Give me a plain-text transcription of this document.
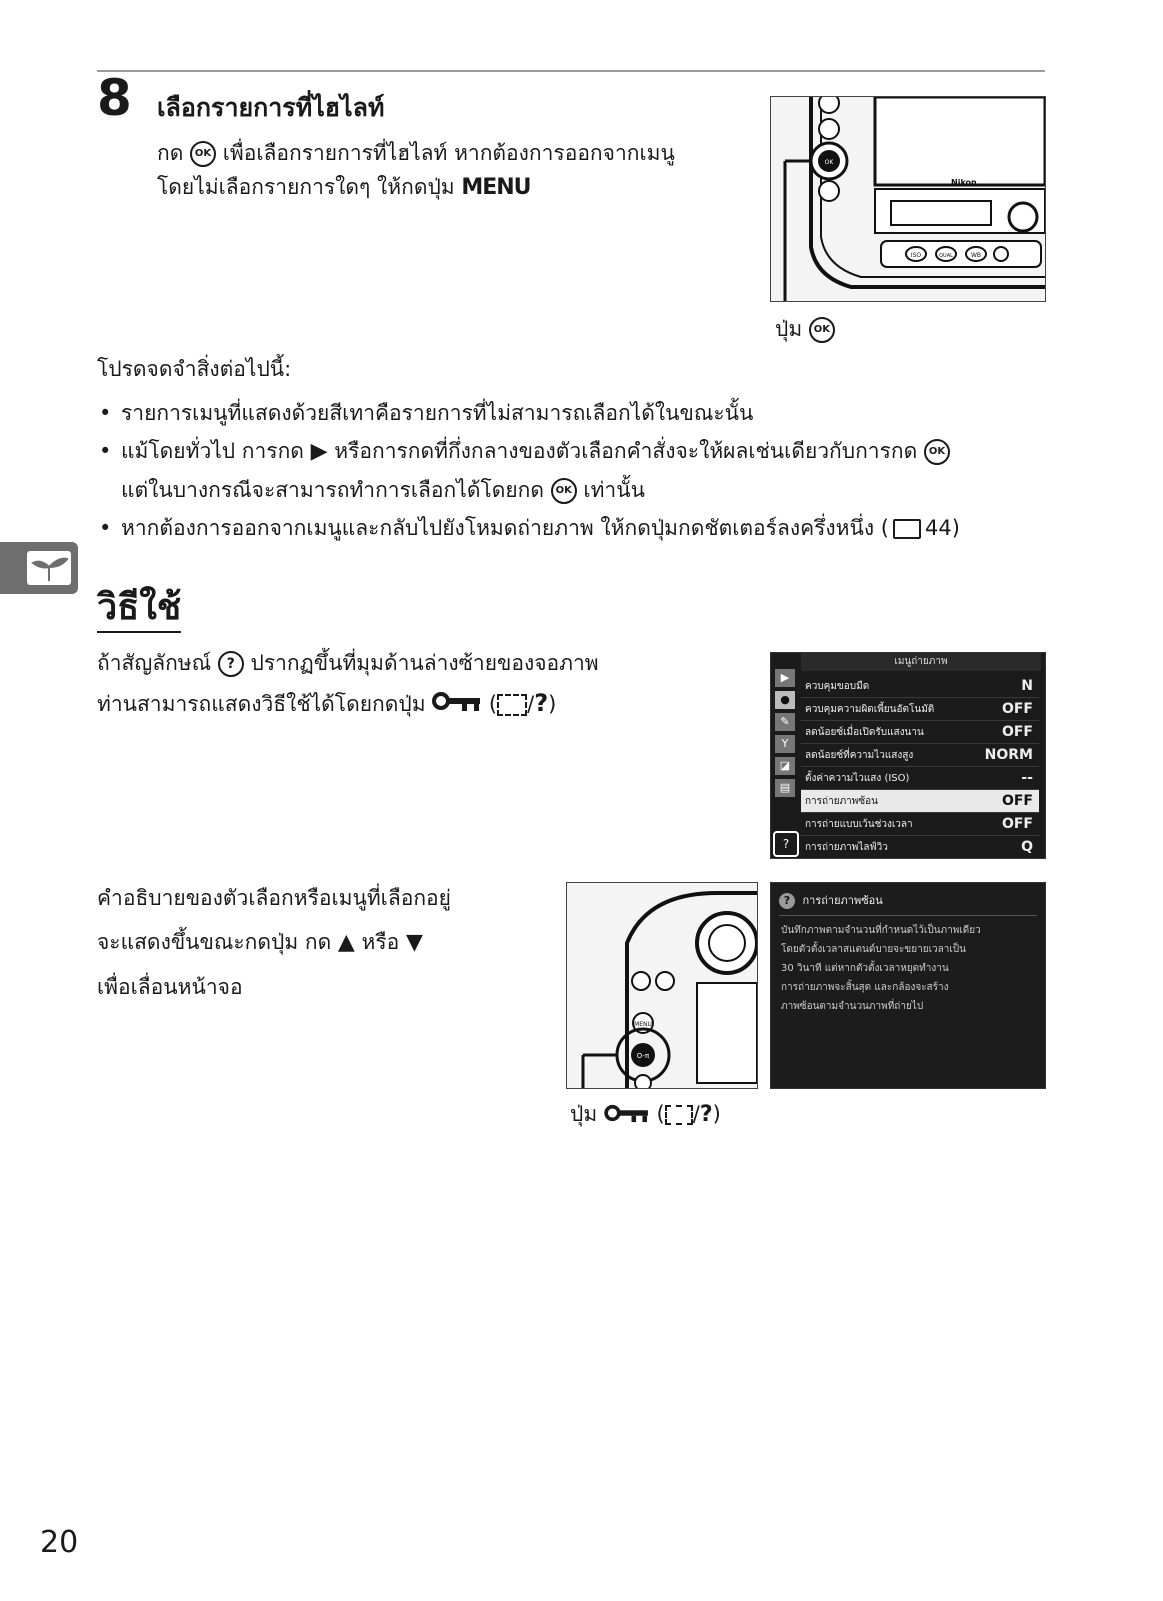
8 เลือกรายการที่ไฮไลท์
กด OK เพื่อเลือกรายการที่ไฮไลท์ หากต้องการออกจากเมนู
โดยไม่เลือกรายการใดๆ ให้กดปุ่ม MENU
OK
Nikon
ISO	QUAL	WB
ปุ่ม OK
โปรดจดจำสิ่งต่อไปนี้:
• รายการเมนูที่แสดงด้วยสีเทาคือรายการที่ไม่สามารถเลือกได้ในขณะนั้น
• แม้โดยทั่วไป การกด ▶ หรือการกดที่กึ่งกลางของตัวเลือกคำสั่งจะให้ผลเช่นเดียวกับการกด OK
แต่ในบางกรณีจะสามารถทำการเลือกได้โดยกด OK เท่านั้น
• หากต้องการออกจากเมนูและกลับไปยังโหมดถ่ายภาพ ให้กดปุ่มกดชัตเตอร์ลงครึ่งหนึ่ง ( 44)
วิธีใช้
ถ้าสัญลักษณ์ ? ปรากฏขึ้นที่มุมด้านล่างซ้ายของจอภาพ
ท่านสามารถแสดงวิธีใช้ได้โดยกดปุ่ม	( /?)
เมนูถ่ายภาพ
▶
●
✎
Y
◪
▤
ควบคุมขอบมืด	N
ควบคุมความผิดเพี้ยนอัตโนมัติ	OFF
ลดน้อยซ์เมื่อเปิดรับแสงนาน	OFF
ลดน้อยซ์ที่ความไวแสงสูง	NORM
ตั้งค่าความไวแสง (ISO)	--
การถ่ายภาพซ้อน	OFF
การถ่ายแบบเว้นช่วงเวลา	OFF
การถ่ายภาพไลฟ์วิว	Q
?
คำอธิบายของตัวเลือกหรือเมนูที่เลือกอยู่
จะแสดงขึ้นขณะกดปุ่ม กด ▲ หรือ ▼
เพื่อเลื่อนหน้าจอ
MENU
O-π
? การถ่ายภาพซ้อน
บันทึกภาพตามจำนวนที่กำหนดไว้เป็นภาพเดียว
โดยตัวตั้งเวลาสแตนด์บายจะขยายเวลาเป็น
30 วินาที แต่หากตัวตั้งเวลาหยุดทำงาน
การถ่ายภาพจะสิ้นสุด และกล้องจะสร้าง
ภาพซ้อนตามจำนวนภาพที่ถ่ายไป
ปุ่ม	( /?)
20
